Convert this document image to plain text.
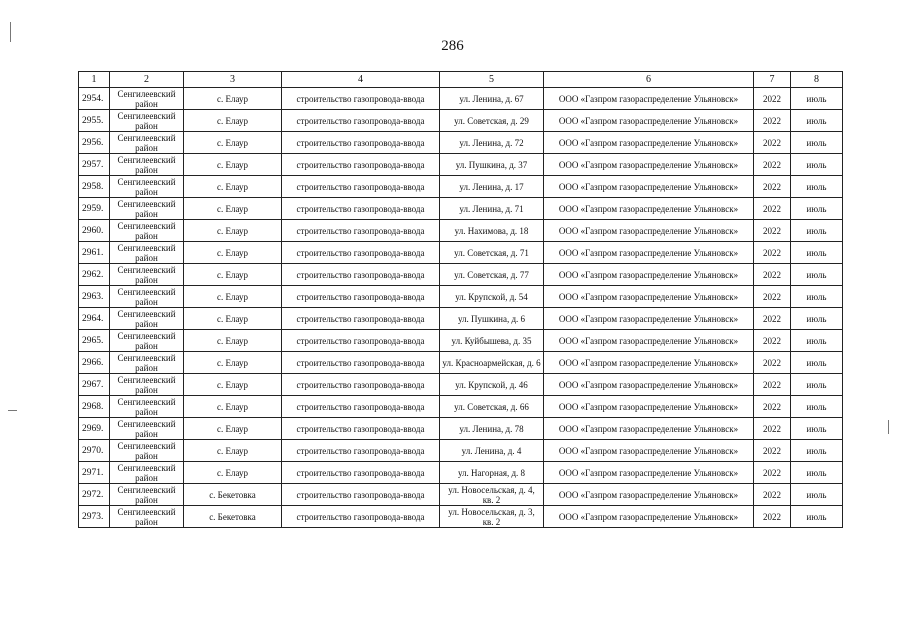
286
1	2	3	4	5	6	7	8
2954.	Сенгилеевский район	с. Елаур	строительство газопровода-ввода	ул. Ленина, д. 67	ООО «Газпром газораспределение Ульяновск»	2022	июль
2955.	Сенгилеевский район	с. Елаур	строительство газопровода-ввода	ул. Советская, д. 29	ООО «Газпром газораспределение Ульяновск»	2022	июль
2956.	Сенгилеевский район	с. Елаур	строительство газопровода-ввода	ул. Ленина, д. 72	ООО «Газпром газораспределение Ульяновск»	2022	июль
2957.	Сенгилеевский район	с. Елаур	строительство газопровода-ввода	ул. Пушкина, д. 37	ООО «Газпром газораспределение Ульяновск»	2022	июль
2958.	Сенгилеевский район	с. Елаур	строительство газопровода-ввода	ул. Ленина, д. 17	ООО «Газпром газораспределение Ульяновск»	2022	июль
2959.	Сенгилеевский район	с. Елаур	строительство газопровода-ввода	ул. Ленина, д. 71	ООО «Газпром газораспределение Ульяновск»	2022	июль
2960.	Сенгилеевский район	с. Елаур	строительство газопровода-ввода	ул. Нахимова, д. 18	ООО «Газпром газораспределение Ульяновск»	2022	июль
2961.	Сенгилеевский район	с. Елаур	строительство газопровода-ввода	ул. Советская, д. 71	ООО «Газпром газораспределение Ульяновск»	2022	июль
2962.	Сенгилеевский район	с. Елаур	строительство газопровода-ввода	ул. Советская, д. 77	ООО «Газпром газораспределение Ульяновск»	2022	июль
2963.	Сенгилеевский район	с. Елаур	строительство газопровода-ввода	ул. Крупской, д. 54	ООО «Газпром газораспределение Ульяновск»	2022	июль
2964.	Сенгилеевский район	с. Елаур	строительство газопровода-ввода	ул. Пушкина, д. 6	ООО «Газпром газораспределение Ульяновск»	2022	июль
2965.	Сенгилеевский район	с. Елаур	строительство газопровода-ввода	ул. Куйбышева, д. 35	ООО «Газпром газораспределение Ульяновск»	2022	июль
2966.	Сенгилеевский район	с. Елаур	строительство газопровода-ввода	ул. Красноармейская, д. 6	ООО «Газпром газораспределение Ульяновск»	2022	июль
2967.	Сенгилеевский район	с. Елаур	строительство газопровода-ввода	ул. Крупской, д. 46	ООО «Газпром газораспределение Ульяновск»	2022	июль
2968.	Сенгилеевский район	с. Елаур	строительство газопровода-ввода	ул. Советская, д. 66	ООО «Газпром газораспределение Ульяновск»	2022	июль
2969.	Сенгилеевский район	с. Елаур	строительство газопровода-ввода	ул. Ленина, д. 78	ООО «Газпром газораспределение Ульяновск»	2022	июль
2970.	Сенгилеевский район	с. Елаур	строительство газопровода-ввода	ул. Ленина, д. 4	ООО «Газпром газораспределение Ульяновск»	2022	июль
2971.	Сенгилеевский район	с. Елаур	строительство газопровода-ввода	ул. Нагорная, д. 8	ООО «Газпром газораспределение Ульяновск»	2022	июль
2972.	Сенгилеевский район	с. Бекетовка	строительство газопровода-ввода	ул. Новосельская, д. 4, кв. 2	ООО «Газпром газораспределение Ульяновск»	2022	июль
2973.	Сенгилеевский район	с. Бекетовка	строительство газопровода-ввода	ул. Новосельская, д. 3, кв. 2	ООО «Газпром газораспределение Ульяновск»	2022	июль
